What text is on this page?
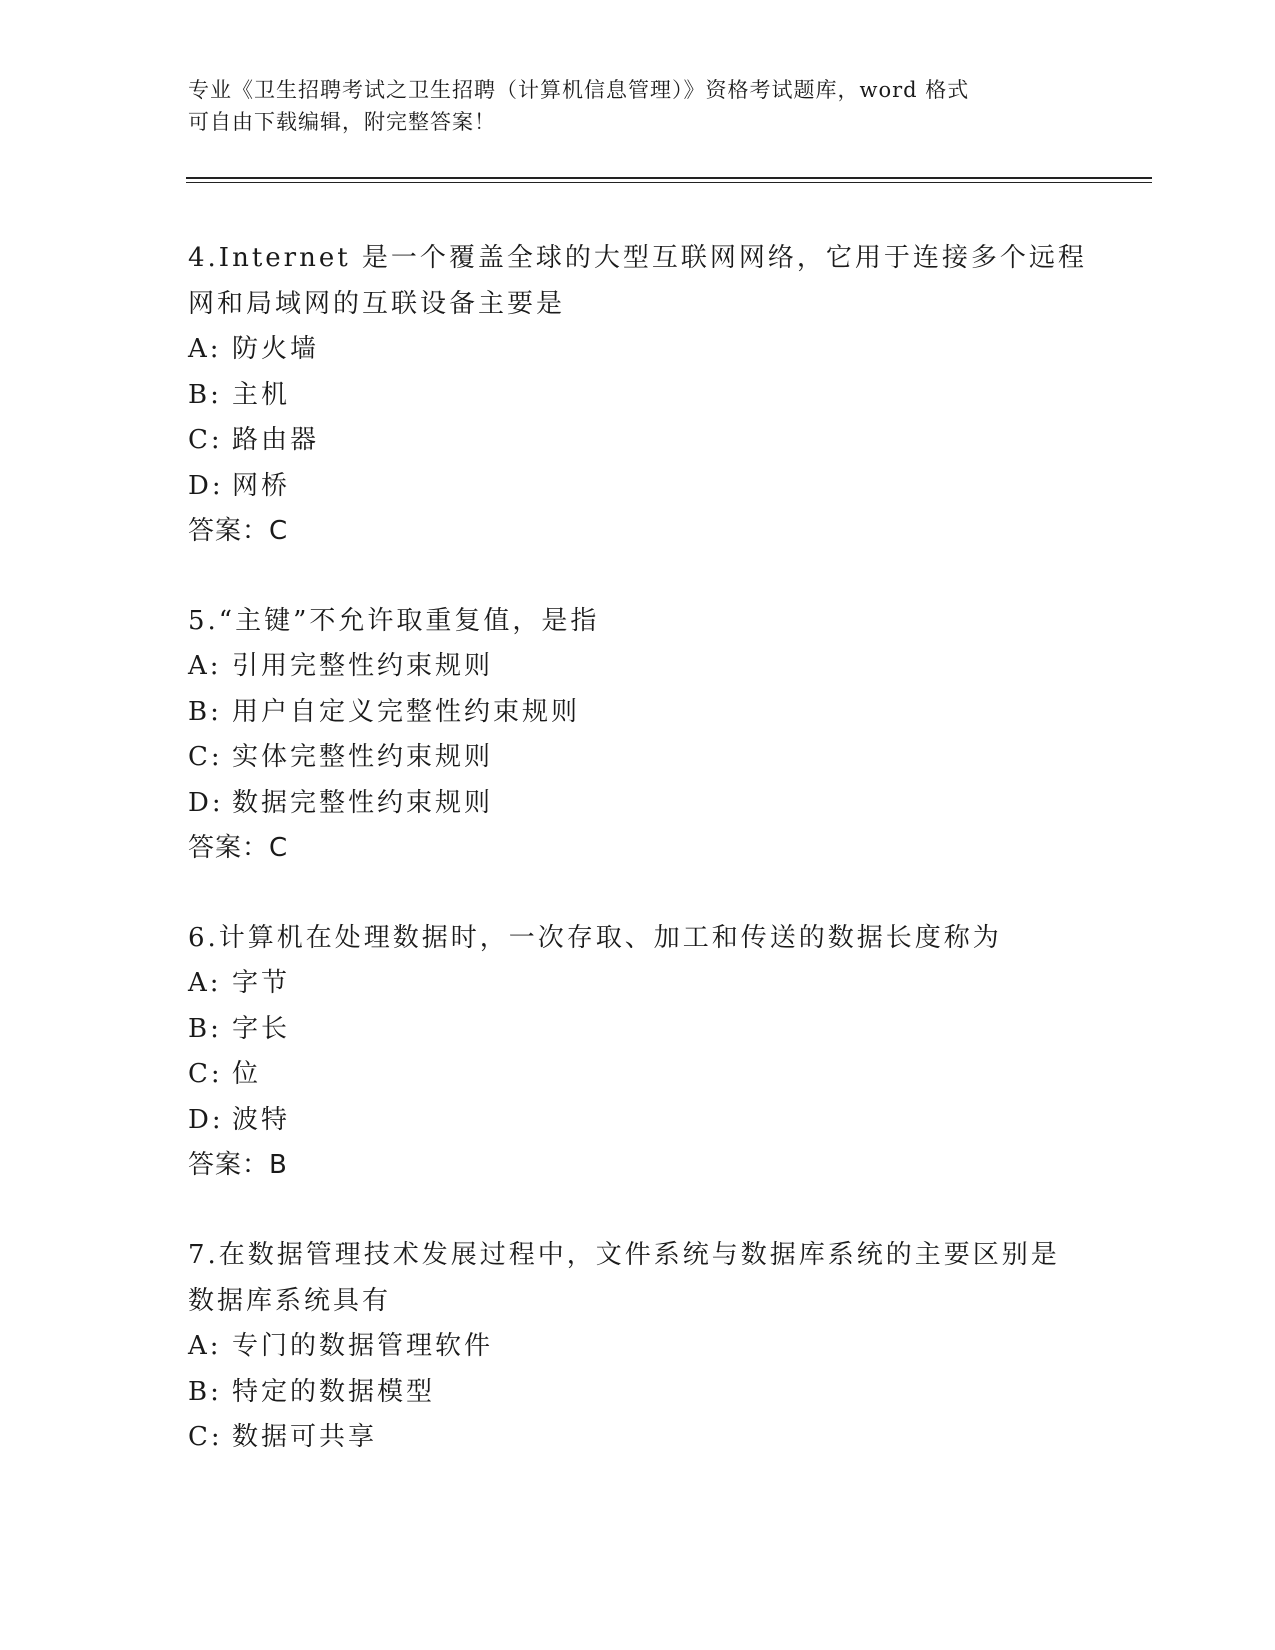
专业《卫生招聘考试之卫生招聘（计算机信息管理）》资格考试题库，word 格式

可自由下载编辑，附完整答案！

4.Internet 是一个覆盖全球的大型互联网网络，它用于连接多个远程

网和局域网的互联设备主要是

A: 防火墙

B: 主机

C: 路由器

D: 网桥

答案：C

5.“主键”不允许取重复值，是指

A: 引用完整性约束规则

B: 用户自定义完整性约束规则

C: 实体完整性约束规则

D: 数据完整性约束规则

答案：C

6.计算机在处理数据时，一次存取、加工和传送的数据长度称为

A: 字节

B: 字长

C: 位

D: 波特

答案：B

7.在数据管理技术发展过程中，文件系统与数据库系统的主要区别是

数据库系统具有

A: 专门的数据管理软件

B: 特定的数据模型

C: 数据可共享
